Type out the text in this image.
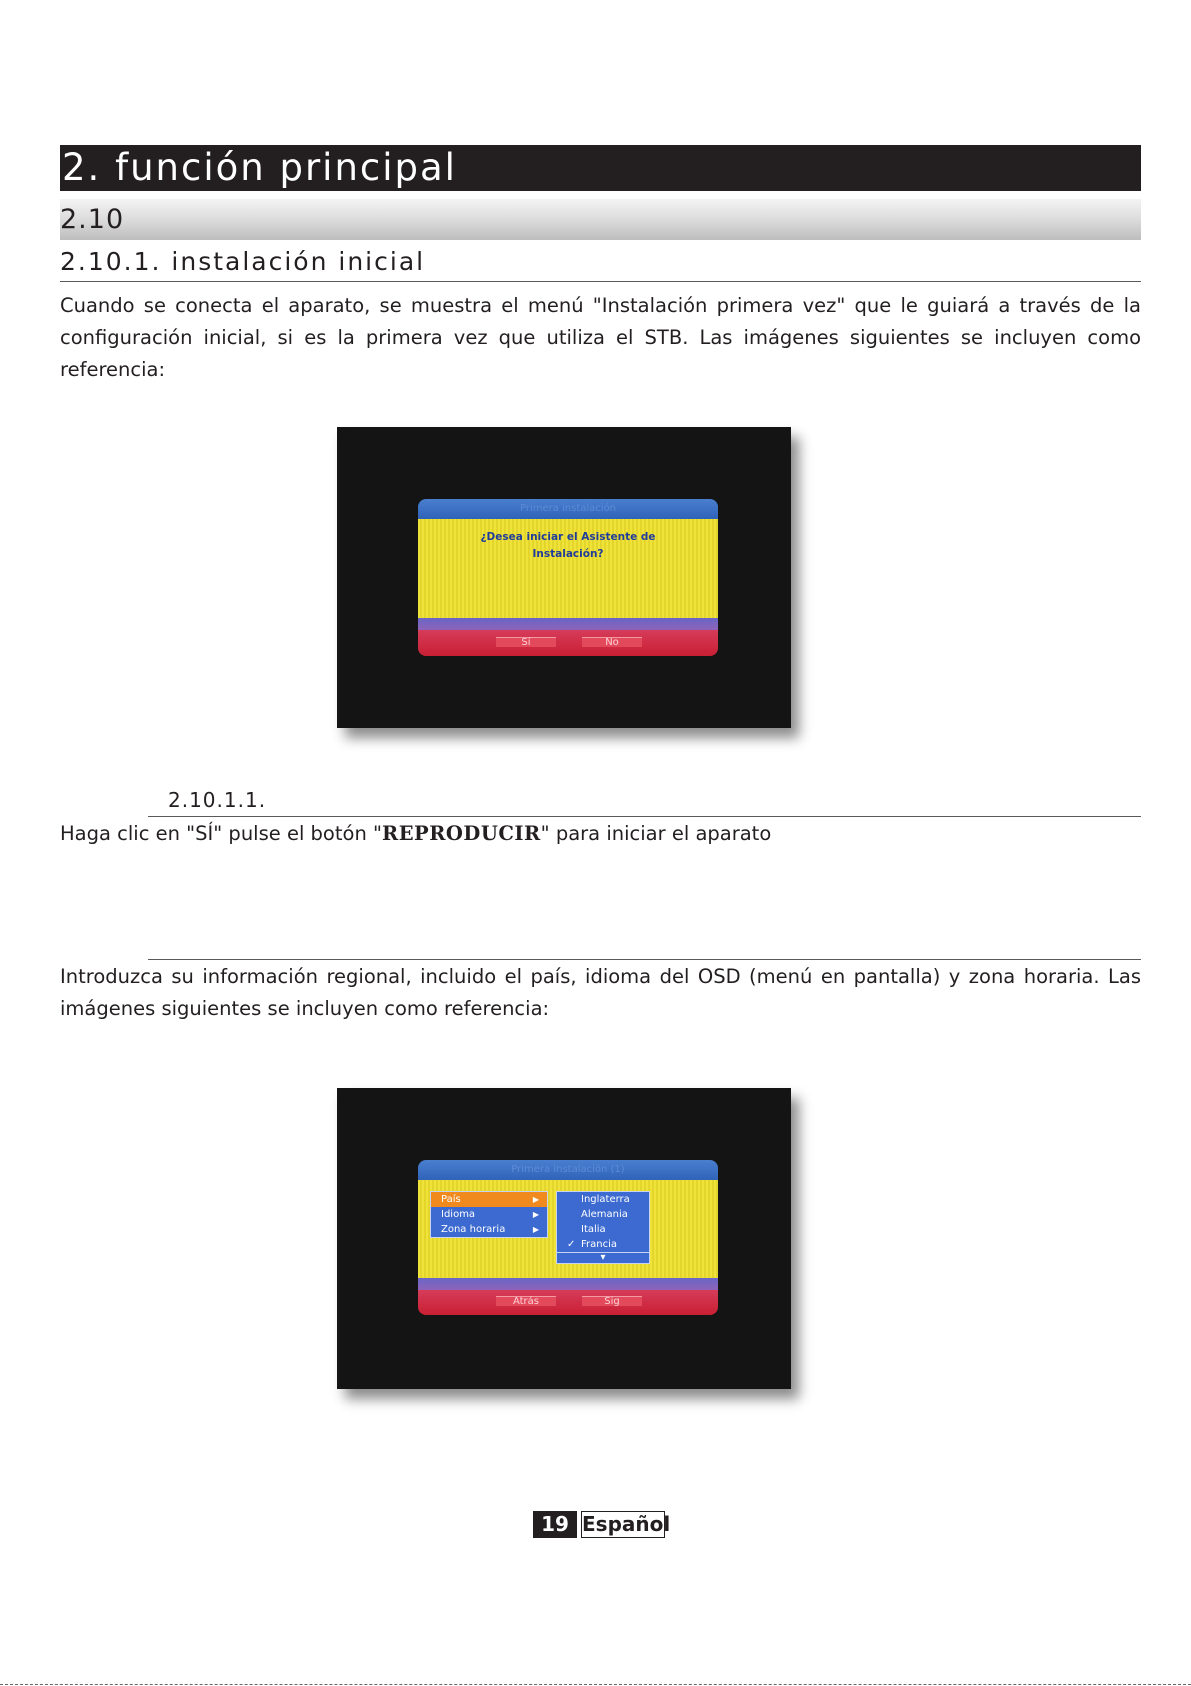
2. función principal
2.10
2.10.1. instalación inicial
Cuando se conecta el aparato, se muestra el menú "Instalación primera vez" que le guiará a través de la configuración inicial, si es la primera vez que utiliza el STB. Las imágenes siguientes se incluyen como referencia:
Primera instalación
¿Desea iniciar el Asistente de Instalación?
Sí	No
2.10.1.1.
Haga clic en "SÍ" pulse el botón "REPRODUCIR" para iniciar el aparato
Introduzca su información regional, incluido el país, idioma del OSD (menú en pantalla) y zona horaria. Las imágenes siguientes se incluyen como referencia:
Primera instalación (1)
País	▶
Idioma	▶
Zona horaria	▶
Inglaterra
Alemania
Italia
✓ Francia
▾
Atrás	Sig
19 Español
